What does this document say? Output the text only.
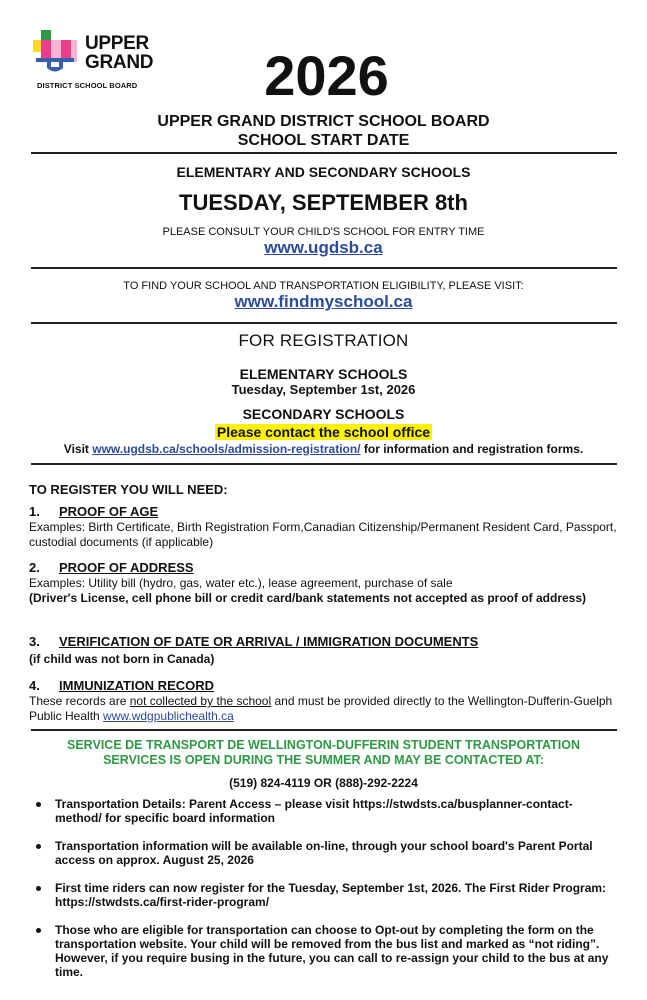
UPPER
GRAND
DISTRICT SCHOOL BOARD	2026
UPPER GRAND DISTRICT SCHOOL BOARD
SCHOOL START DATE
ELEMENTARY AND SECONDARY SCHOOLS
TUESDAY, SEPTEMBER 8th
PLEASE CONSULT YOUR CHILD'S SCHOOL FOR ENTRY TIME
www.ugdsb.ca
TO FIND YOUR SCHOOL AND TRANSPORTATION ELIGIBILITY, PLEASE VISIT:
www.findmyschool.ca
FOR REGISTRATION
ELEMENTARY SCHOOLS
Tuesday, September 1st, 2026
SECONDARY SCHOOLS
Please contact the school office
Visit www.ugdsb.ca/schools/admission-registration/ for information and registration forms.
TO REGISTER YOU WILL NEED:
1. PROOF OF AGE
Examples: Birth Certificate, Birth Registration Form,Canadian Citizenship/Permanent Resident Card, Passport, custodial documents (if applicable)
2. PROOF OF ADDRESS
Examples: Utility bill (hydro, gas, water etc.), lease agreement, purchase of sale
(Driver's License, cell phone bill or credit card/bank statements not accepted as proof of address)
3. VERIFICATION OF DATE OR ARRIVAL / IMMIGRATION DOCUMENTS
(if child was not born in Canada)
4. IMMUNIZATION RECORD
These records are not collected by the school and must be provided directly to the Wellington-Dufferin-Guelph Public Health www.wdgpublichealth.ca
SERVICE DE TRANSPORT DE WELLINGTON-DUFFERIN STUDENT TRANSPORTATION
SERVICES IS OPEN DURING THE SUMMER AND MAY BE CONTACTED AT:
(519) 824-4119 OR (888)-292-2224
Transportation Details: Parent Access – please visit https://stwdsts.ca/busplanner-contact-method/ for specific board information
Transportation information will be available on-line, through your school board's Parent Portal access on approx. August 25, 2026
First time riders can now register for the Tuesday, September 1st, 2026. The First Rider Program: https://stwdsts.ca/first-rider-program/
Those who are eligible for transportation can choose to Opt-out by completing the form on the transportation website. Your child will be removed from the bus list and marked as “not riding”. However, if you require busing in the future, you can call to re-assign your child to the bus at any time.
